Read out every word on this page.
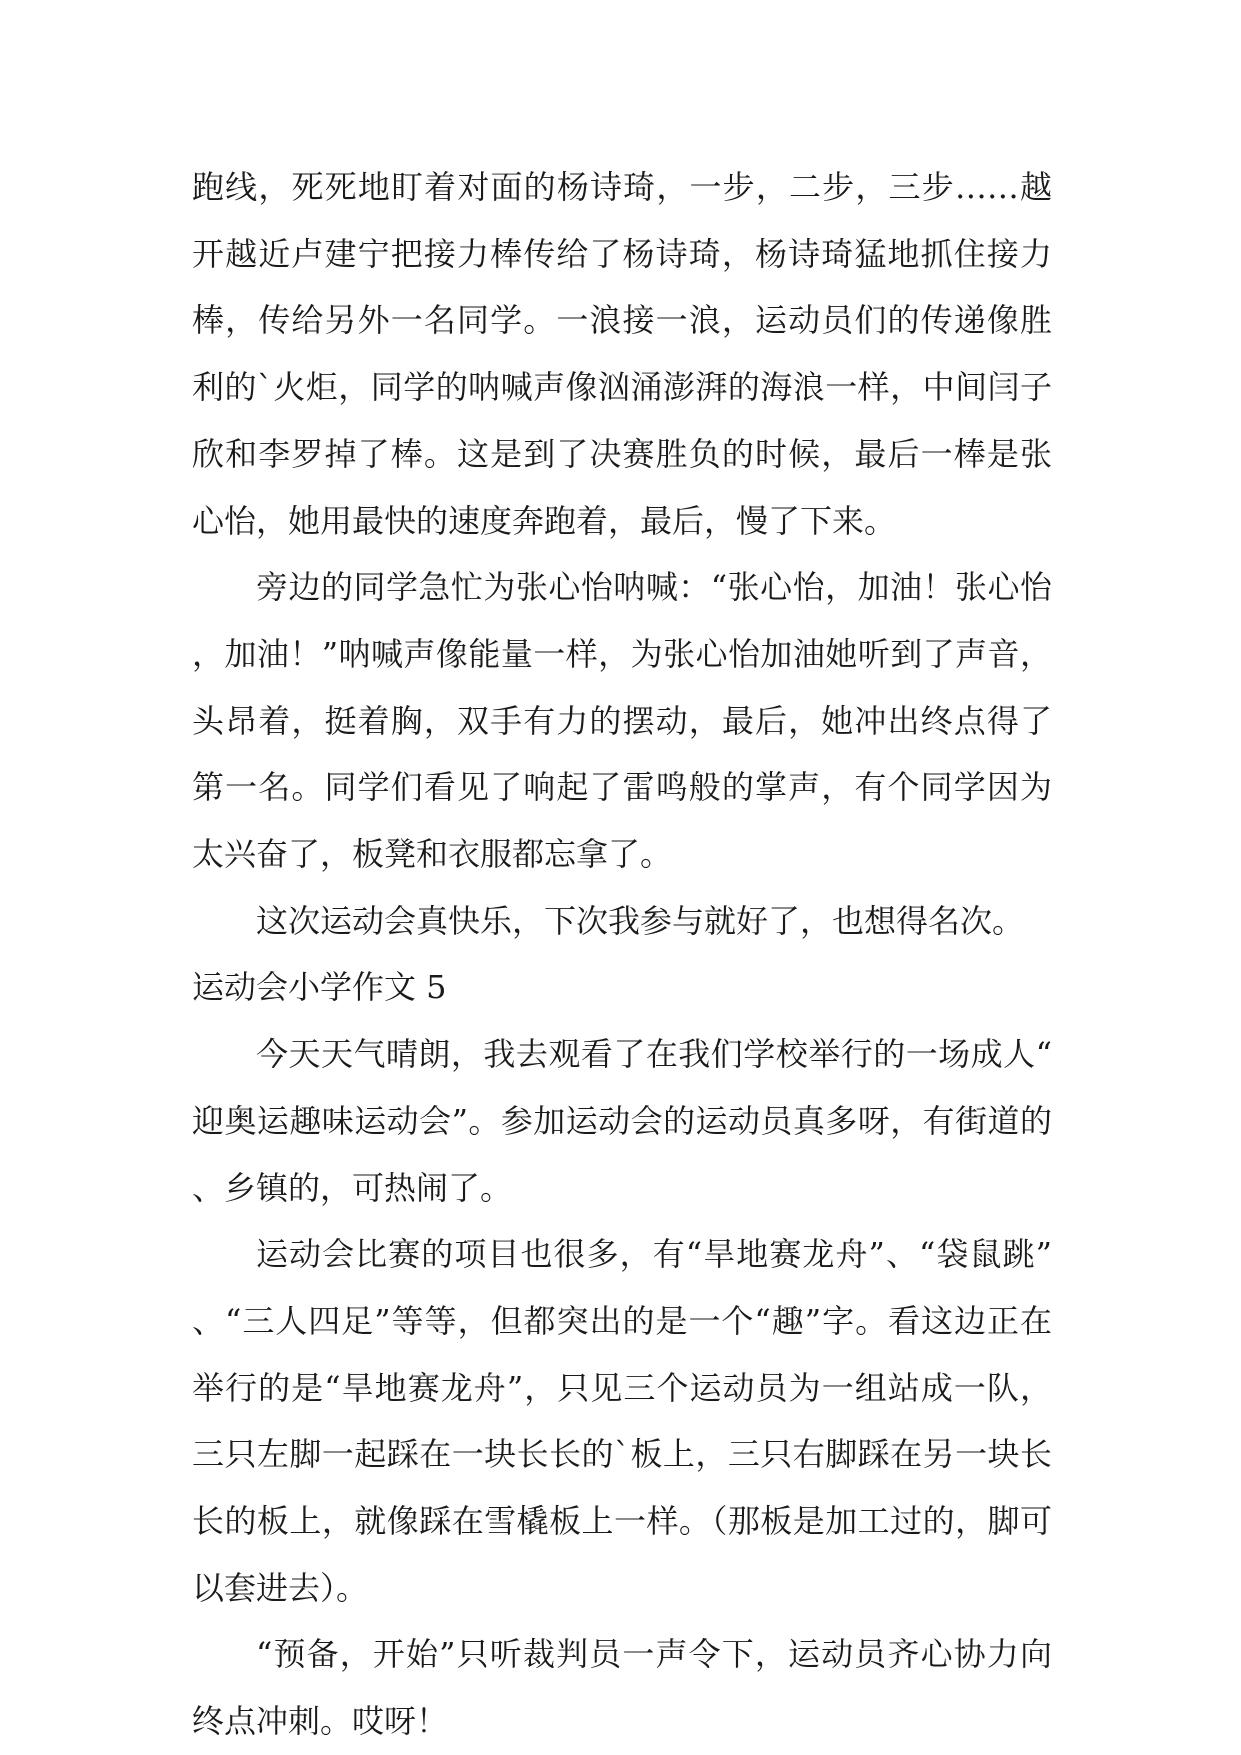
跑线，死死地盯着对面的杨诗琦，一步，二步，三步……越开越近卢建宁把接力棒传给了杨诗琦，杨诗琦猛地抓住接力棒，传给另外一名同学。一浪接一浪，运动员们的传递像胜利的`火炬，同学的呐喊声像汹涌澎湃的海浪一样，中间闫子欣和李罗掉了棒。这是到了决赛胜负的时候，最后一棒是张心怡，她用最快的速度奔跑着，最后，慢了下来。

旁边的同学急忙为张心怡呐喊：“张心怡，加油！张心怡，加油！”呐喊声像能量一样，为张心怡加油她听到了声音，头昂着，挺着胸，双手有力的摆动，最后，她冲出终点得了第一名。同学们看见了响起了雷鸣般的掌声，有个同学因为太兴奋了，板凳和衣服都忘拿了。

这次运动会真快乐，下次我参与就好了，也想得名次。

运动会小学作文 5

今天天气晴朗，我去观看了在我们学校举行的一场成人“迎奥运趣味运动会”。参加运动会的运动员真多呀，有街道的、乡镇的，可热闹了。

运动会比赛的项目也很多，有“旱地赛龙舟”、“袋鼠跳”、“三人四足”等等，但都突出的是一个“趣”字。看这边正在举行的是“旱地赛龙舟”，只见三个运动员为一组站成一队，三只左脚一起踩在一块长长的`板上，三只右脚踩在另一块长长的板上，就像踩在雪橇板上一样。（那板是加工过的，脚可以套进去）。

“预备，开始”只听裁判员一声令下，运动员齐心协力向终点冲刺。哎呀！
